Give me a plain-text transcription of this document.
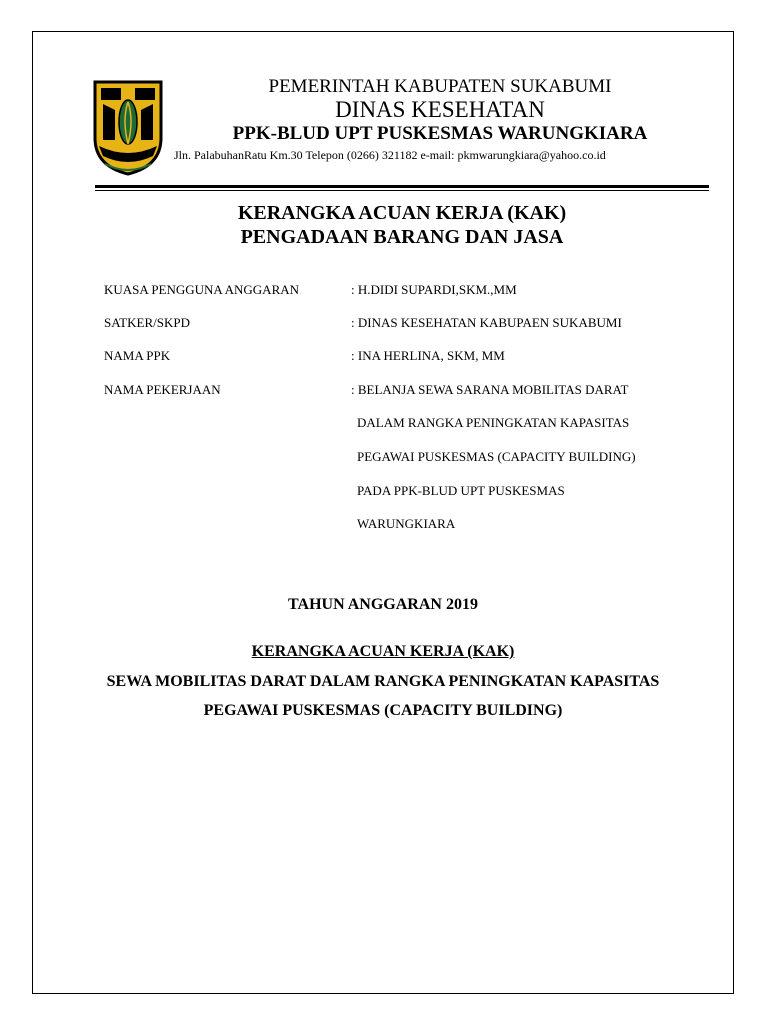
PEMERINTAH KABUPATEN SUKABUMI
DINAS KESEHATAN
PPK-BLUD UPT PUSKESMAS WARUNGKIARA
Jln. PalabuhanRatu Km.30 Telepon (0266) 321182 e-mail: pkmwarungkiara@yahoo.co.id
KERANGKA ACUAN KERJA (KAK)
PENGADAAN BARANG DAN JASA
KUASA PENGGUNA ANGGARAN	: H.DIDI SUPARDI,SKM.,MM
SATKER/SKPD	: DINAS KESEHATAN KABUPAEN SUKABUMI
NAMA PPK	: INA HERLINA, SKM, MM
NAMA PEKERJAAN	: BELANJA SEWA SARANA MOBILITAS DARAT
DALAM RANGKA PENINGKATAN KAPASITAS
PEGAWAI PUSKESMAS (CAPACITY BUILDING)
PADA PPK-BLUD UPT PUSKESMAS
WARUNGKIARA
TAHUN ANGGARAN 2019
KERANGKA ACUAN KERJA (KAK)
SEWA MOBILITAS DARAT DALAM RANGKA PENINGKATAN KAPASITAS
PEGAWAI PUSKESMAS (CAPACITY BUILDING)
